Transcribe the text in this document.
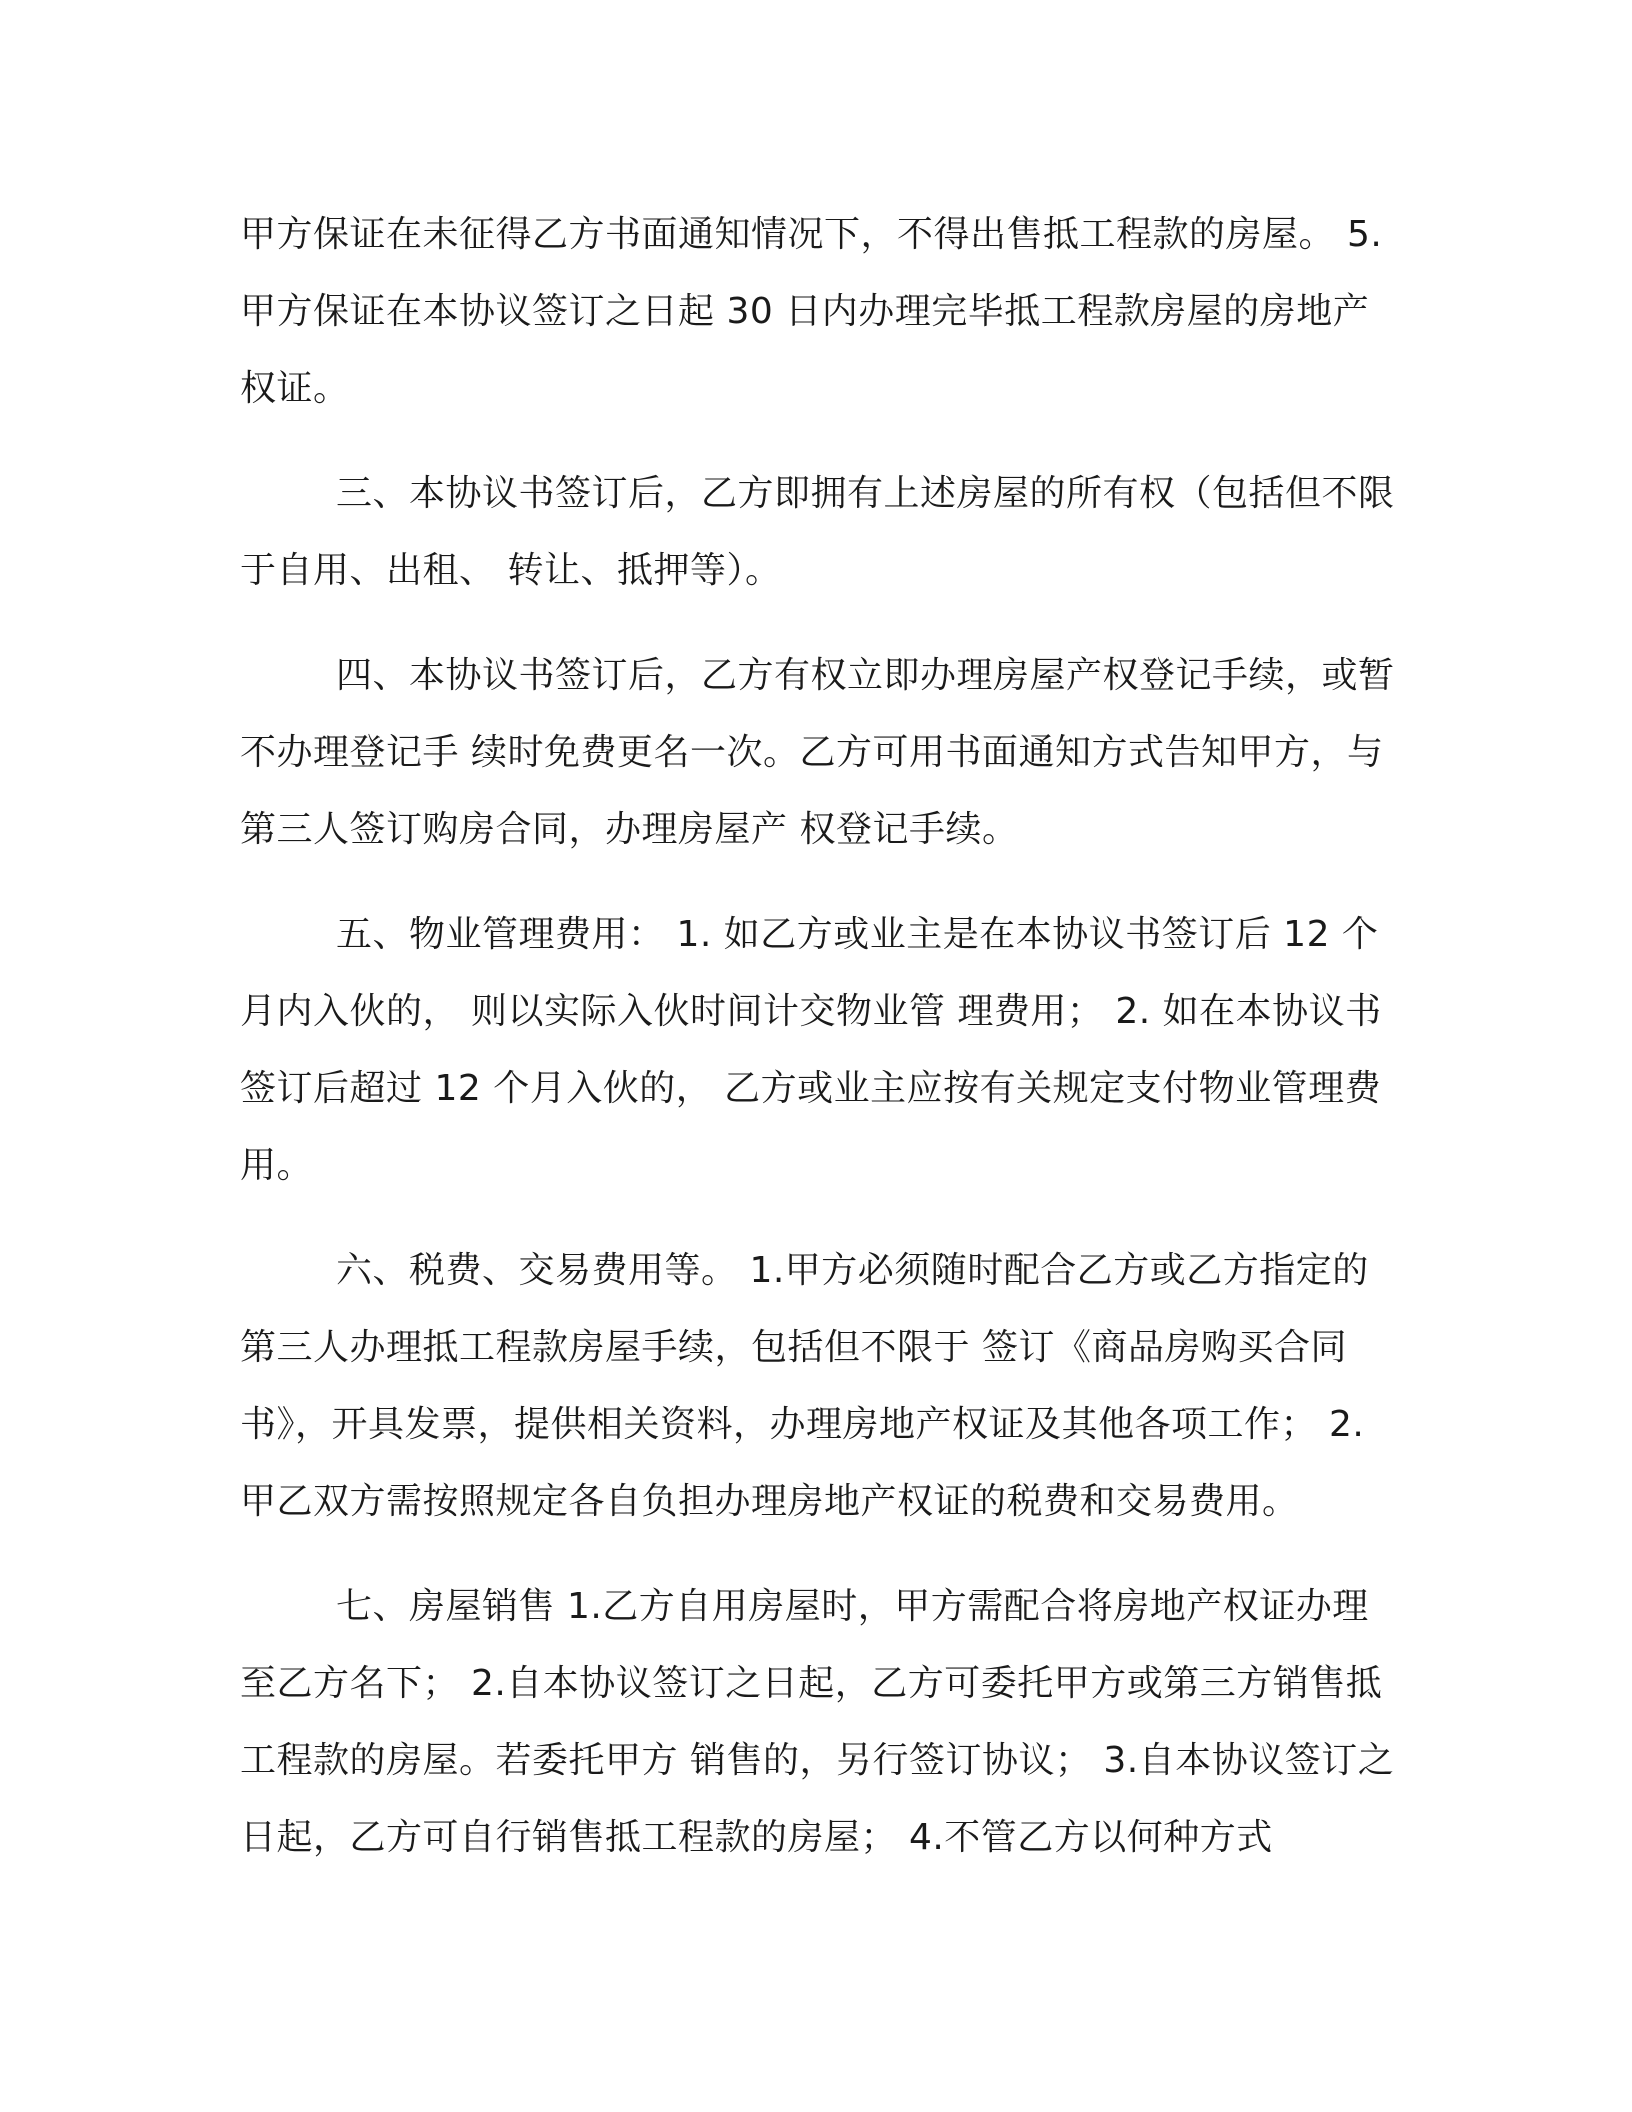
甲方保证在未征得乙方书面通知情况下，不得出售抵工程款的房屋。 5. 甲方保证在本协议签订之日起 30 日内办理完毕抵工程款房屋的房地产权证。

三、本协议书签订后，乙方即拥有上述房屋的所有权（包括但不限于自用、出租、 转让、抵押等）。

四、本协议书签订后，乙方有权立即办理房屋产权登记手续，或暂不办理登记手 续时免费更名一次。乙方可用书面通知方式告知甲方，与第三人签订购房合同，办理房屋产 权登记手续。

五、物业管理费用： 1. 如乙方或业主是在本协议书签订后 12 个月内入伙的， 则以实际入伙时间计交物业管 理费用； 2. 如在本协议书签订后超过 12 个月入伙的， 乙方或业主应按有关规定支付物业管理费用。

六、税费、交易费用等。 1.甲方必须随时配合乙方或乙方指定的第三人办理抵工程款房屋手续，包括但不限于 签订《商品房购买合同书》，开具发票，提供相关资料，办理房地产权证及其他各项工作； 2. 甲乙双方需按照规定各自负担办理房地产权证的税费和交易费用。

七、房屋销售 1.乙方自用房屋时，甲方需配合将房地产权证办理至乙方名下； 2.自本协议签订之日起，乙方可委托甲方或第三方销售抵工程款的房屋。若委托甲方 销售的，另行签订协议； 3.自本协议签订之日起，乙方可自行销售抵工程款的房屋； 4.不管乙方以何种方式
